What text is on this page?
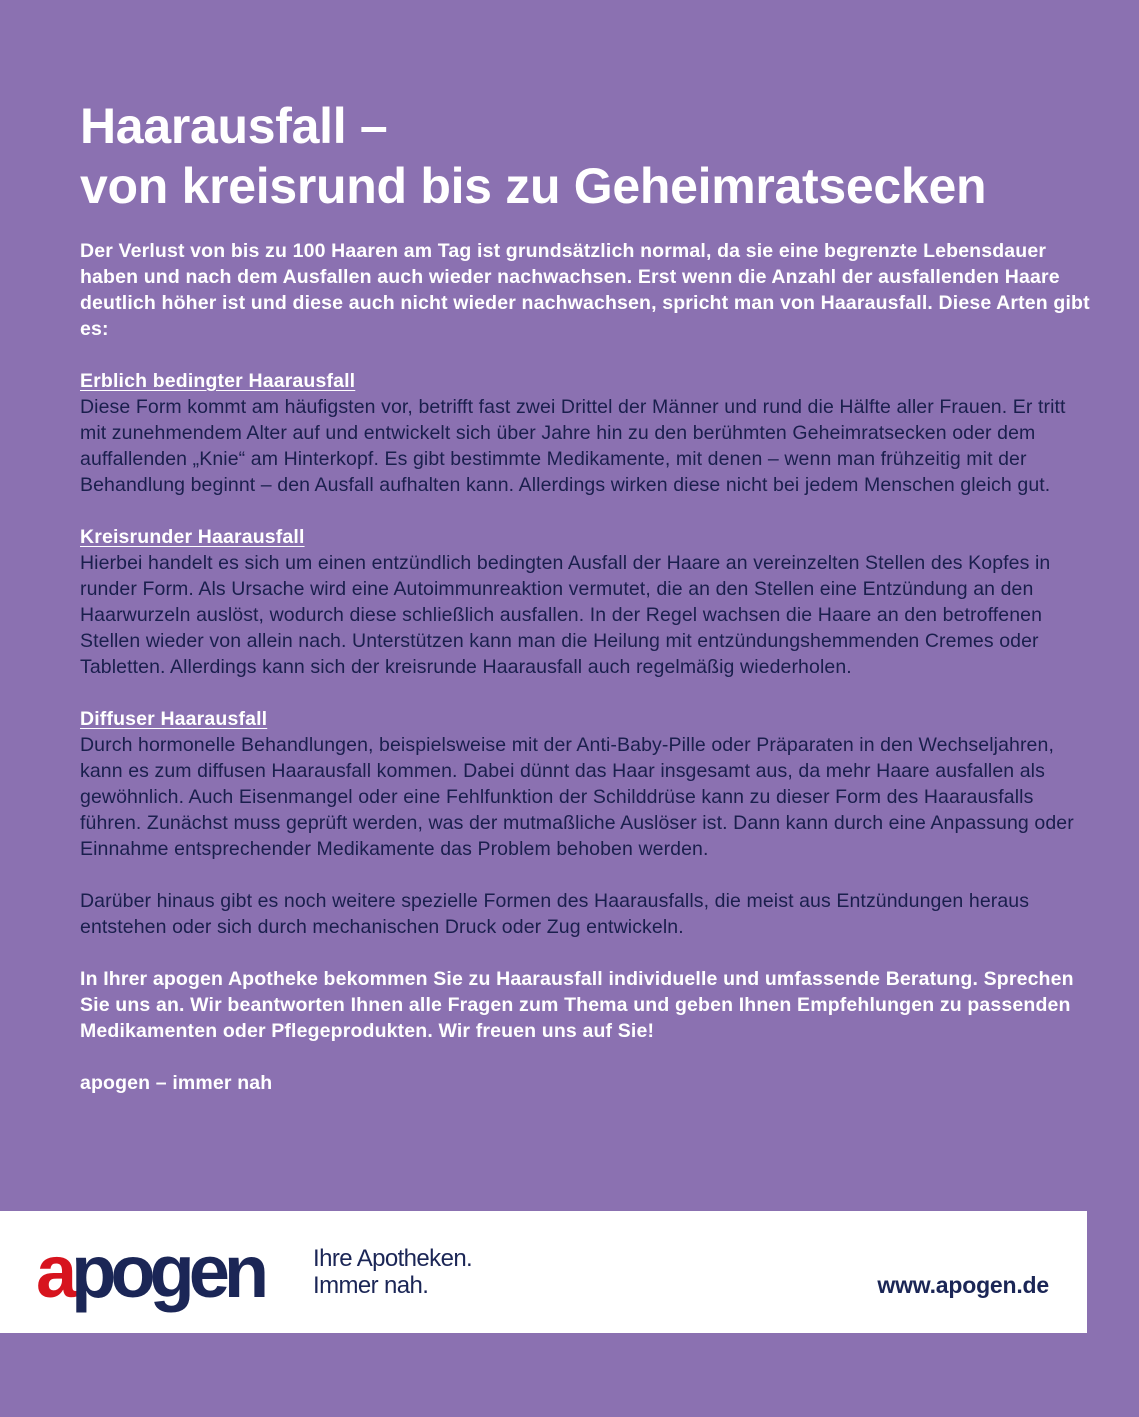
Haarausfall –
von kreisrund bis zu Geheimratsecken

Der Verlust von bis zu 100 Haaren am Tag ist grundsätzlich normal, da sie eine begrenzte Lebensdauer haben und nach dem Ausfallen auch wieder nachwachsen. Erst wenn die Anzahl der ausfallenden Haare deutlich höher ist und diese auch nicht wieder nachwachsen, spricht man von Haarausfall. Diese Arten gibt es:

Erblich bedingter Haarausfall

Diese Form kommt am häufigsten vor, betrifft fast zwei Drittel der Männer und rund die Hälfte aller Frauen. Er tritt mit zunehmendem Alter auf und entwickelt sich über Jahre hin zu den berühmten Geheimratsecken oder dem auffallenden „Knie“ am Hinterkopf. Es gibt bestimmte Medikamente, mit denen – wenn man frühzeitig mit der Behandlung beginnt – den Ausfall aufhalten kann. Allerdings wirken diese nicht bei jedem Menschen gleich gut.

Kreisrunder Haarausfall

Hierbei handelt es sich um einen entzündlich bedingten Ausfall der Haare an vereinzelten Stellen des Kopfes in runder Form. Als Ursache wird eine Autoimmunreaktion vermutet, die an den Stellen eine Entzündung an den Haarwurzeln auslöst, wodurch diese schließlich ausfallen. In der Regel wachsen die Haare an den betroffenen Stellen wieder von allein nach. Unterstützen kann man die Heilung mit entzündungshemmenden Cremes oder Tabletten. Allerdings kann sich der kreisrunde Haarausfall auch regelmäßig wiederholen.

Diffuser Haarausfall

Durch hormonelle Behandlungen, beispielsweise mit der Anti-Baby-Pille oder Präparaten in den Wechseljahren, kann es zum diffusen Haarausfall kommen. Dabei dünnt das Haar insgesamt aus, da mehr Haare ausfallen als gewöhnlich. Auch Eisenmangel oder eine Fehlfunktion der Schilddrüse kann zu dieser Form des Haarausfalls führen. Zunächst muss geprüft werden, was der mutmaßliche Auslöser ist. Dann kann durch eine Anpassung oder Einnahme entsprechender Medikamente das Problem behoben werden.

Darüber hinaus gibt es noch weitere spezielle Formen des Haarausfalls, die meist aus Entzündungen heraus entstehen oder sich durch mechanischen Druck oder Zug entwickeln.

In Ihrer apogen Apotheke bekommen Sie zu Haarausfall individuelle und umfassende Beratung. Sprechen Sie uns an. Wir beantworten Ihnen alle Fragen zum Thema und geben Ihnen Empfehlungen zu passenden Medikamenten oder Pflegeprodukten. Wir freuen uns auf Sie!

apogen – immer nah

apogen Ihre Apotheken.
Immer nah.	www.apogen.de
